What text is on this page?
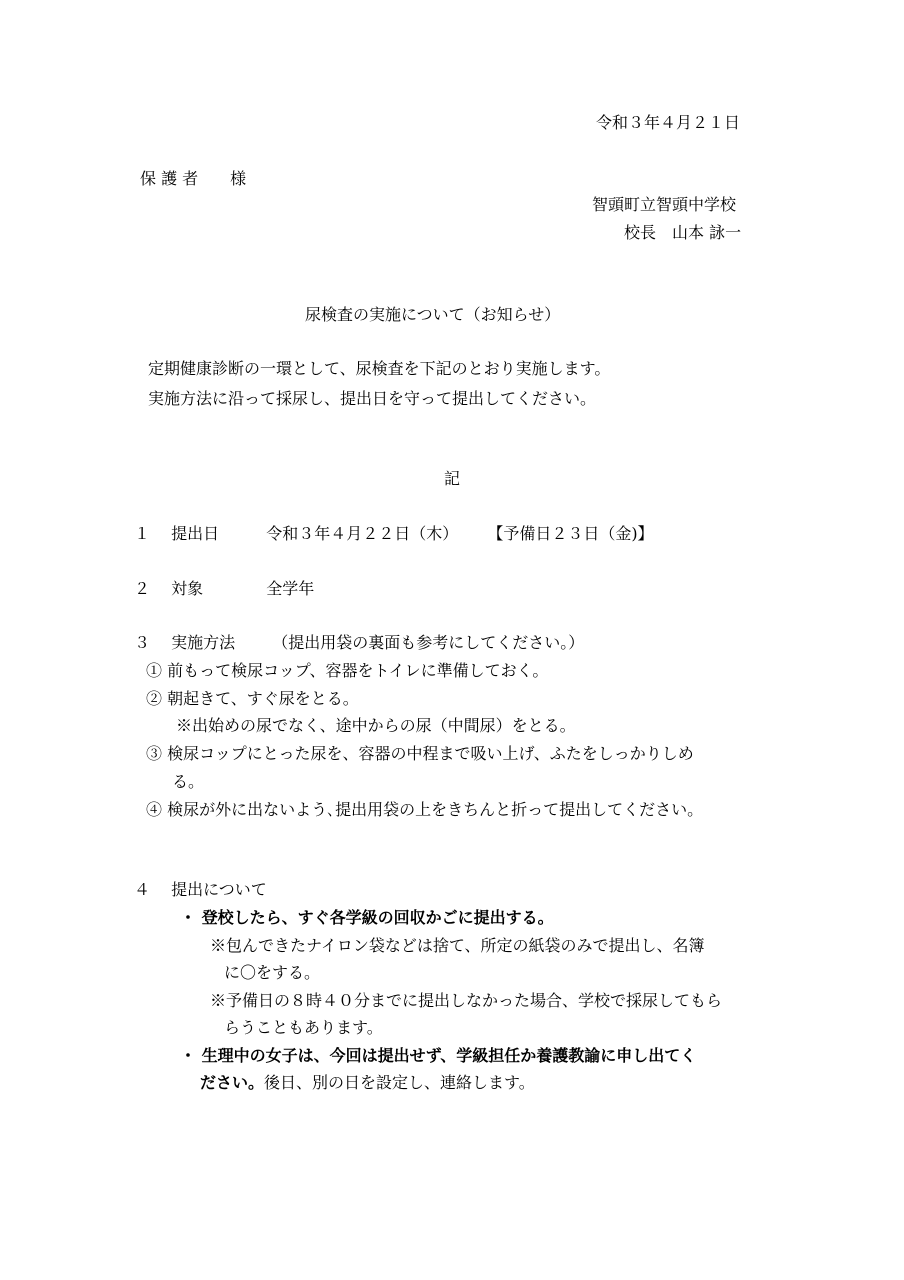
令和３年４月２１日
保 護 者　　様
智頭町立智頭中学校
校長　山本 詠一
尿検査の実施について（お知らせ）
定期健康診断の一環として、尿検査を下記のとおり実施します。
実施方法に沿って採尿し、提出日を守って提出してください。
記
１　 提出日	令和３年４月２２日（木）　　 【予備日２３日（金)】
２　 対象	全学年
３　 実施方法　　 （提出用袋の裏面も参考にしてください。）
① 前もって検尿コップ、容器をトイレに準備しておく。
② 朝起きて、すぐ尿をとる。
※出始めの尿でなく、途中からの尿（中間尿）をとる。
③ 検尿コップにとった尿を、容器の中程まで吸い上げ、ふたをしっかりしめ
る。
④ 検尿が外に出ないよう､提出用袋の上をきちんと折って提出してください。
４　 提出について
・ 登校したら、すぐ各学級の回収かごに提出する。
※包んできたナイロン袋などは捨て、所定の紙袋のみで提出し、名簿
に〇をする。
※予備日の８時４０分までに提出しなかった場合、学校で採尿してもら
らうこともあります。
・ 生理中の女子は、今回は提出せず、学級担任か養護教諭に申し出てく
ださい。後日、別の日を設定し、連絡します。
